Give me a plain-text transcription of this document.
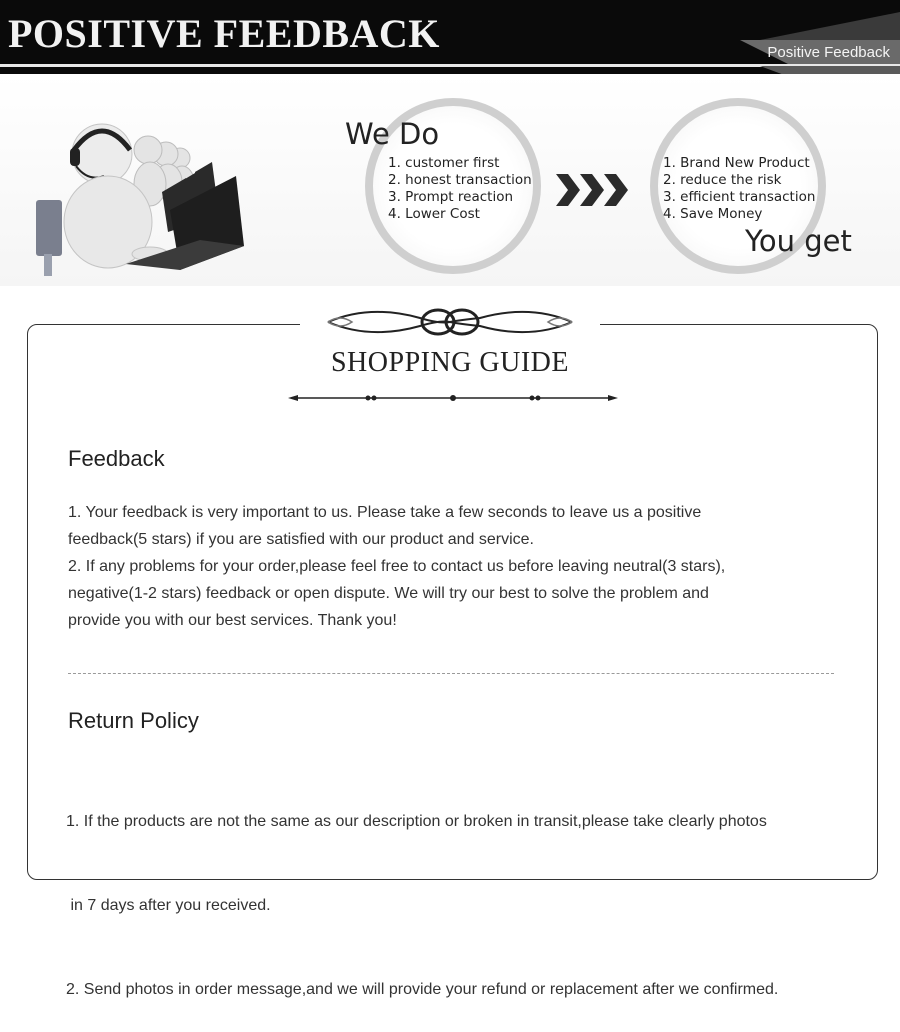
POSITIVE FEEDBACK	Positive Feedback
We Do
1. customer first
2. honest transaction
3. Prompt reaction
4. Lower Cost
1. Brand New Product
2. reduce the risk
3. efficient transaction
4. Save Money
You get
SHOPPING GUIDE
Feedback
1. Your feedback is very important to us. Please take a few seconds to leave us a positive
feedback(5 stars) if you are satisfied with our product and service.
2. If any problems for your order,please feel free to contact us before leaving neutral(3 stars),
negative(1-2 stars) feedback or open dispute. We will try our best to solve the problem and
provide you with our best services. Thank you!
Return Policy

1. If the products are not the same as our description or broken in transit,please take clearly photos

in 7 days after you received.

2. Send photos in order message,and we will provide your refund or replacement after we confirmed.
